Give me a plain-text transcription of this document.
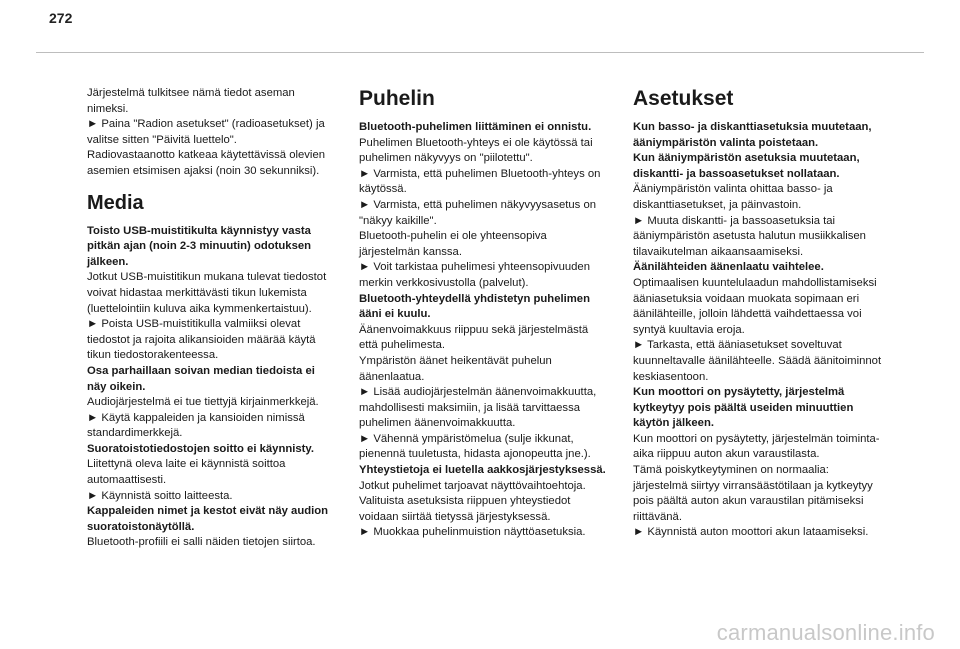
272

Järjestelmä tulkitsee nämä tiedot aseman nimeksi.

► Paina "Radion asetukset" (radioasetukset) ja valitse sitten "Päivitä luettelo".

Radiovastaanotto katkeaa käytettävissä olevien asemien etsimisen ajaksi (noin 30 sekunniksi).

Media

Toisto USB-muistitikulta käynnistyy vasta pitkän ajan (noin 2-3 minuutin) odotuksen jälkeen.

Jotkut USB-muistitikun mukana tulevat tiedostot voivat hidastaa merkittävästi tikun lukemista (luettelointiin kuluva aika kymmenkertaistuu).

► Poista USB-muistitikulla valmiiksi olevat tiedostot ja rajoita alikansioiden määrää käytä tikun tiedostorakenteessa.

Osa parhaillaan soivan median tiedoista ei näy oikein.

Audiojärjestelmä ei tue tiettyjä kirjainmerkkejä.

► Käytä kappaleiden ja kansioiden nimissä standardimerkkejä.

Suoratoistotiedostojen soitto ei käynnisty.

Liitettynä oleva laite ei käynnistä soittoa automaattisesti.

► Käynnistä soitto laitteesta.

Kappaleiden nimet ja kestot eivät näy audion suoratoistonäytöllä.

Bluetooth-profiili ei salli näiden tietojen siirtoa.

Puhelin

Bluetooth-puhelimen liittäminen ei onnistu.

Puhelimen Bluetooth-yhteys ei ole käytössä tai puhelimen näkyvyys on "piilotettu".

► Varmista, että puhelimen Bluetooth-yhteys on käytössä.

► Varmista, että puhelimen näkyvyysasetus on "näkyy kaikille".

Bluetooth-puhelin ei ole yhteensopiva järjestelmän kanssa.

► Voit tarkistaa puhelimesi yhteensopivuuden merkin verkkosivustolla (palvelut).

Bluetooth-yhteydellä yhdistetyn puhelimen ääni ei kuulu.

Äänenvoimakkuus riippuu sekä järjestelmästä että puhelimesta.

Ympäristön äänet heikentävät puhelun äänenlaatua.

► Lisää audiojärjestelmän äänenvoimakkuutta, mahdollisesti maksimiin, ja lisää tarvittaessa puhelimen äänenvoimakkuutta.

► Vähennä ympäristömelua (sulje ikkunat, pienennä tuuletusta, hidasta ajonopeutta jne.).

Yhteystietoja ei luetella aakkosjärjestyksessä.

Jotkut puhelimet tarjoavat näyttövaihtoehtoja. Valituista asetuksista riippuen yhteystiedot voidaan siirtää tietyssä järjestyksessä.

► Muokkaa puhelinmuistion näyttöasetuksia.

Asetukset

Kun basso- ja diskanttiasetuksia muutetaan, ääniympäristön valinta poistetaan.

Kun ääniympäristön asetuksia muutetaan, diskantti- ja bassoasetukset nollataan.

Ääniympäristön valinta ohittaa basso- ja diskanttiasetukset, ja päinvastoin.

► Muuta diskantti- ja bassoasetuksia tai ääniympäristön asetusta halutun musiikkalisen tilavaikutelman aikaansaamiseksi.

Äänilähteiden äänenlaatu vaihtelee.

Optimaalisen kuuntelulaadun mahdollistamiseksi ääniasetuksia voidaan muokata sopimaan eri äänilähteille, jolloin lähdettä vaihdettaessa voi syntyä kuultavia eroja.

► Tarkasta, että ääniasetukset soveltuvat kuunneltavalle äänilähteelle. Säädä äänitoiminnot keskiasentoon.

Kun moottori on pysäytetty, järjestelmä kytkeytyy pois päältä useiden minuuttien käytön jälkeen.

Kun moottori on pysäytetty, järjestelmän toiminta-aika riippuu auton akun varaustilasta.

Tämä poiskytkeytyminen on normaalia: järjestelmä siirtyy virransäästötilaan ja kytkeytyy pois päältä auton akun varaustilan pitämiseksi riittävänä.

► Käynnistä auton moottori akun lataamiseksi.

carmanualsonline.info
